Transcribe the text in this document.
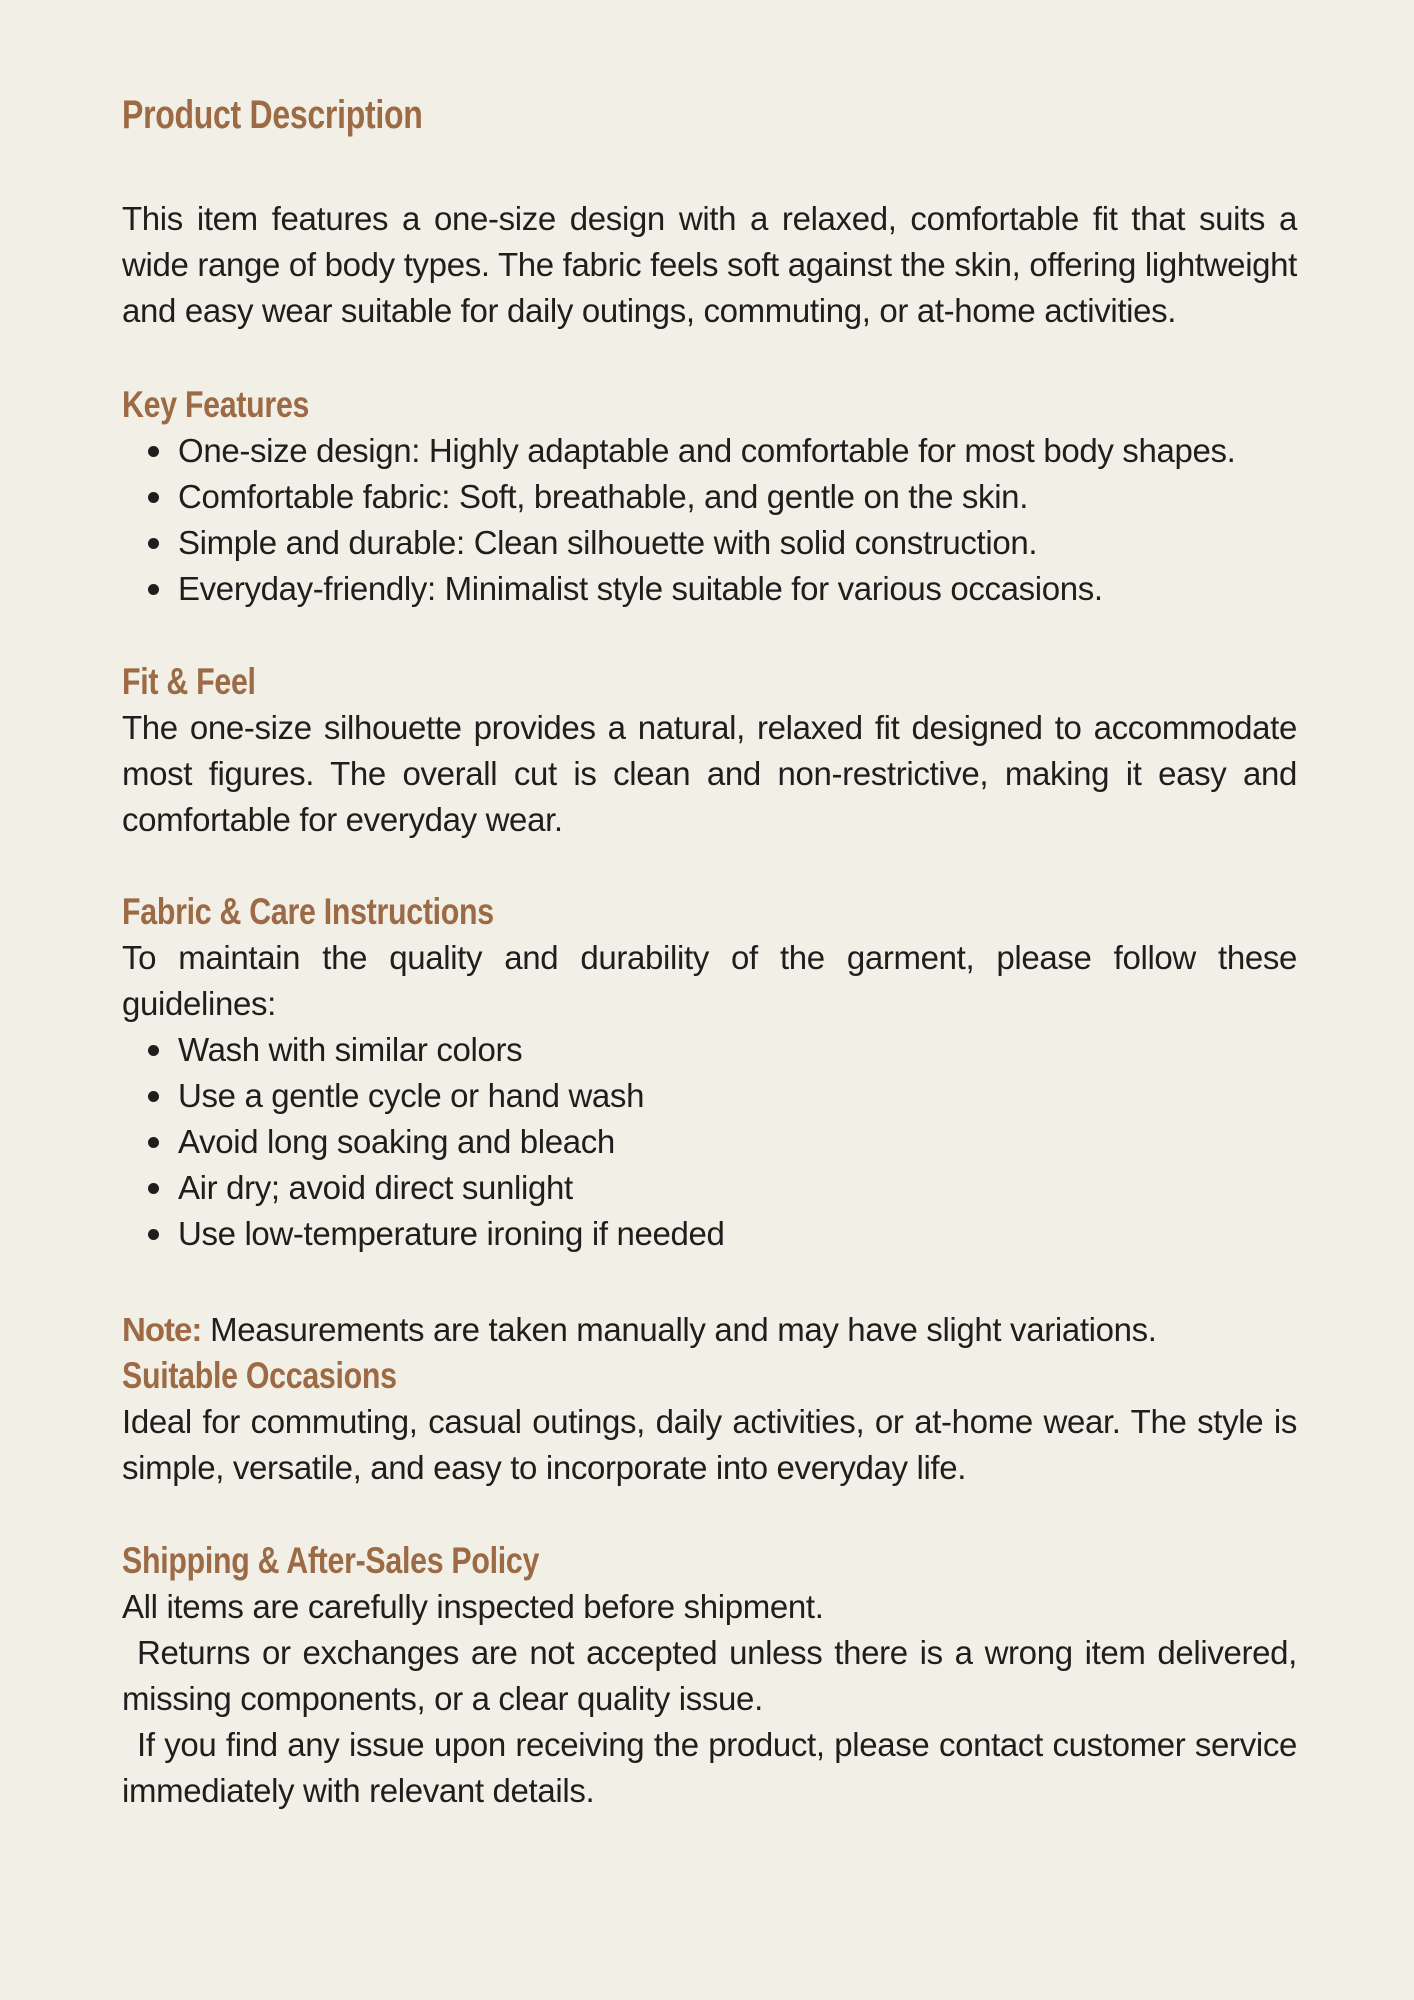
Product Description

This item features a one-size design with a relaxed, comfortable fit that suits a wide range of body types. The fabric feels soft against the skin, offering lightweight and easy wear suitable for daily outings, commuting, or at-home activities.

Key Features
One-size design: Highly adaptable and comfortable for most body shapes.
Comfortable fabric: Soft, breathable, and gentle on the skin.
Simple and durable: Clean silhouette with solid construction.
Everyday-friendly: Minimalist style suitable for various occasions.
Fit & Feel

The one-size silhouette provides a natural, relaxed fit designed to accommodate most figures. The overall cut is clean and non-restrictive, making it easy and comfortable for everyday wear.

Fabric & Care Instructions

To maintain the quality and durability of the garment, please follow these guidelines:

Wash with similar colors
Use a gentle cycle or hand wash
Avoid long soaking and bleach
Air dry; avoid direct sunlight
Use low-temperature ironing if needed

Note: Measurements are taken manually and may have slight variations.

Suitable Occasions

Ideal for commuting, casual outings, daily activities, or at-home wear. The style is simple, versatile, and easy to incorporate into everyday life.

Shipping & After-Sales Policy

All items are carefully inspected before shipment.

Returns or exchanges are not accepted unless there is a wrong item delivered, missing components, or a clear quality issue.

If you find any issue upon receiving the product, please contact customer service immediately with relevant details.
